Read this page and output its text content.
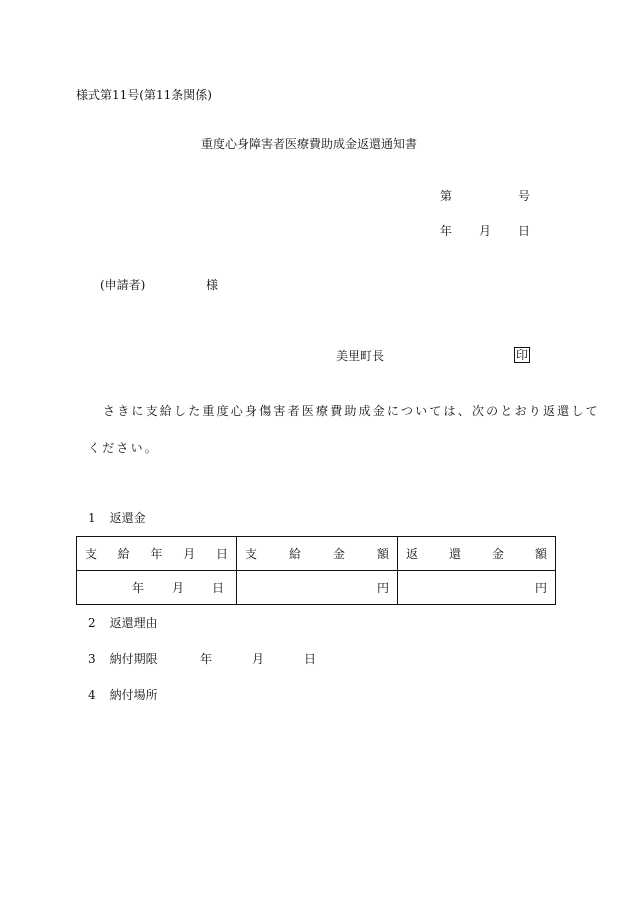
様式第11号(第11条関係)
重度心身障害者医療費助成金返還通知書
第	号
年 月 日
(申請者)	様
美里町長	印
さきに支給した重度心身傷害者医療費助成金については、次のとおり返還して
ください。
1 返還金
支 給 年 月 日	支 給 金 額	返 還 金 額

年 月 日	円	円
2 返還理由
3 納付期限	年	月	日
4 納付場所
